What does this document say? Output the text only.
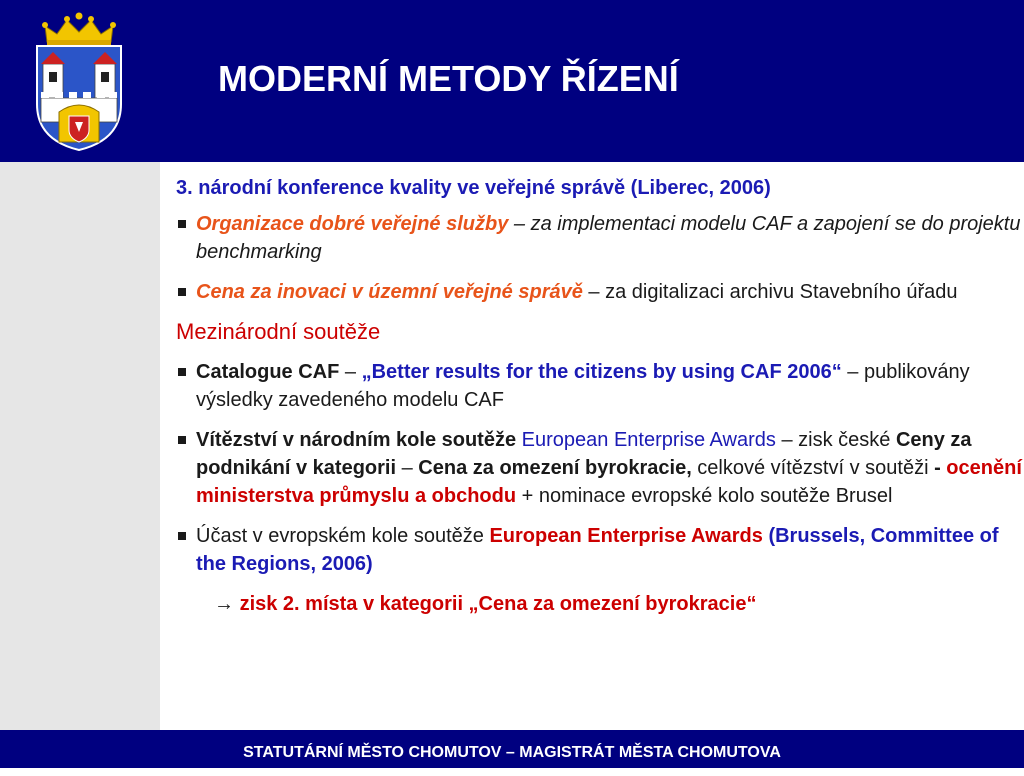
MODERNÍ METODY ŘÍZENÍ

3. národní konference kvality ve veřejné správě (Liberec, 2006)

Organizace dobré veřejné služby – za implementaci modelu CAF a zapojení se do projektu benchmarking

Cena za inovaci v územní veřejné správě – za digitalizaci archivu Stavebního úřadu

Mezinárodní soutěže

Catalogue CAF – „Better results for the citizens by using CAF 2006“ – publikovány výsledky zavedeného modelu CAF

Vítězství v národním kole soutěže European Enterprise Awards – zisk české Ceny za podnikání v kategorii – Cena za omezení byrokracie, celkové vítězství v soutěži - ocenění ministerstva průmyslu a obchodu + nominace evropské kolo soutěže Brusel

Účast v evropském kole soutěže European Enterprise Awards (Brussels, Committee of the Regions, 2006)

→ zisk 2. místa v kategorii „Cena za omezení byrokracie“

STATUTÁRNÍ MĚSTO CHOMUTOV – MAGISTRÁT MĚSTA CHOMUTOVA
